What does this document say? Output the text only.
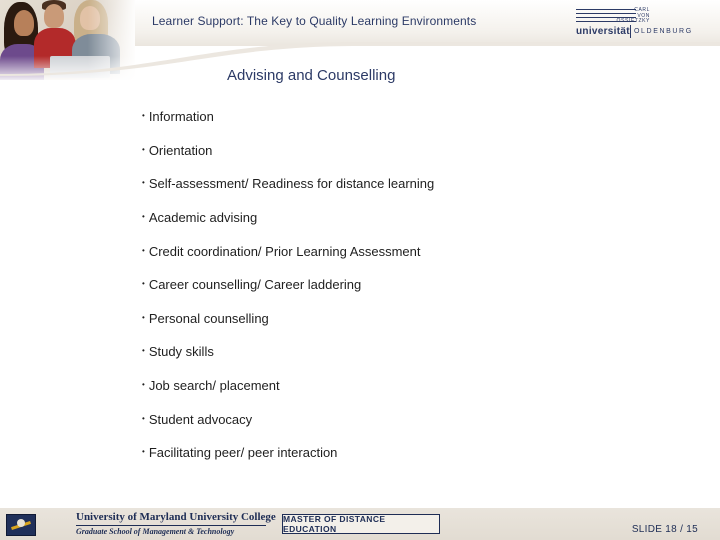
Learner Support: The Key to Quality Learning Environments
CARL
VON
OSSIETZKY
universität OLDENBURG
Advising and Counselling
• Information
• Orientation
• Self-assessment/ Readiness for distance learning
• Academic advising
• Credit coordination/ Prior Learning Assessment
• Career counselling/ Career laddering
• Personal counselling
• Study skills
• Job search/ placement
• Student advocacy
• Facilitating peer/ peer interaction
University of Maryland University College
Graduate School of Management & Technology
MASTER OF DISTANCE EDUCATION	SLIDE 18 / 15
